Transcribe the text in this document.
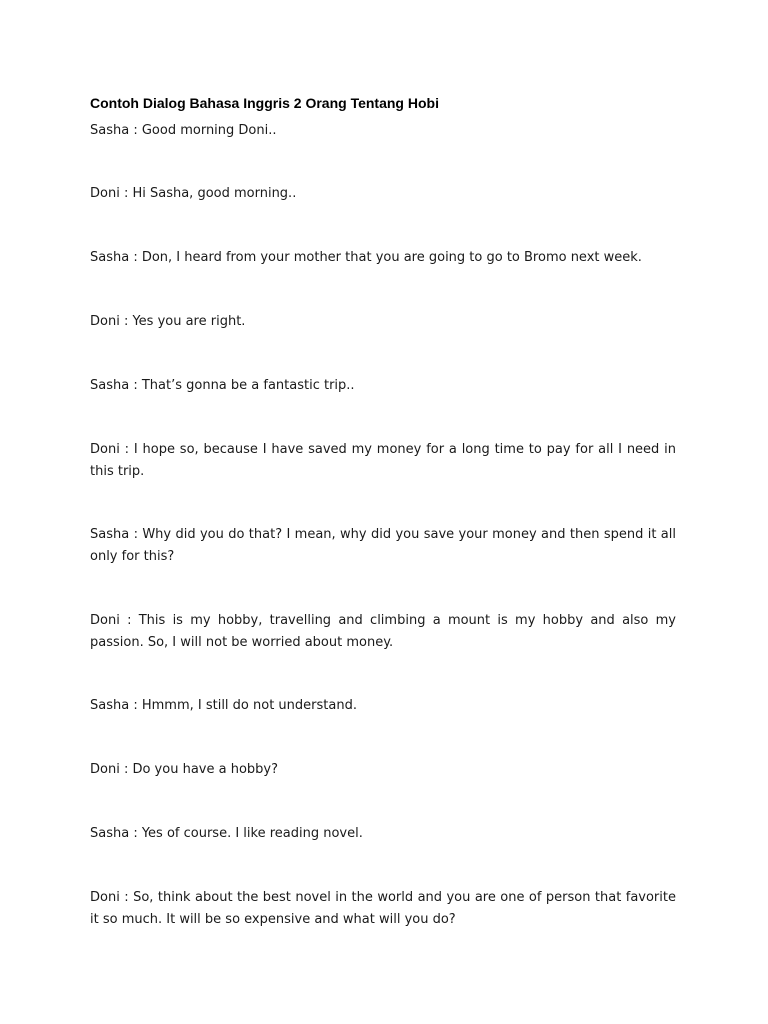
Contoh Dialog Bahasa Inggris 2 Orang Tentang Hobi

Sasha : Good morning Doni..

Doni : Hi Sasha, good morning..

Sasha : Don, I heard from your mother that you are going to go to Bromo next week.

Doni : Yes you are right.

Sasha : That’s gonna be a fantastic trip..

Doni : I hope so, because I have saved my money for a long time to pay for all I need in this trip.

Sasha : Why did you do that? I mean, why did you save your money and then spend it all only for this?

Doni : This is my hobby, travelling and climbing a mount is my hobby and also my passion. So, I will not be worried about money.

Sasha : Hmmm, I still do not understand.

Doni : Do you have a hobby?

Sasha : Yes of course. I like reading novel.

Doni : So, think about the best novel in the world and you are one of person that favorite it so much. It will be so expensive and what will you do?
